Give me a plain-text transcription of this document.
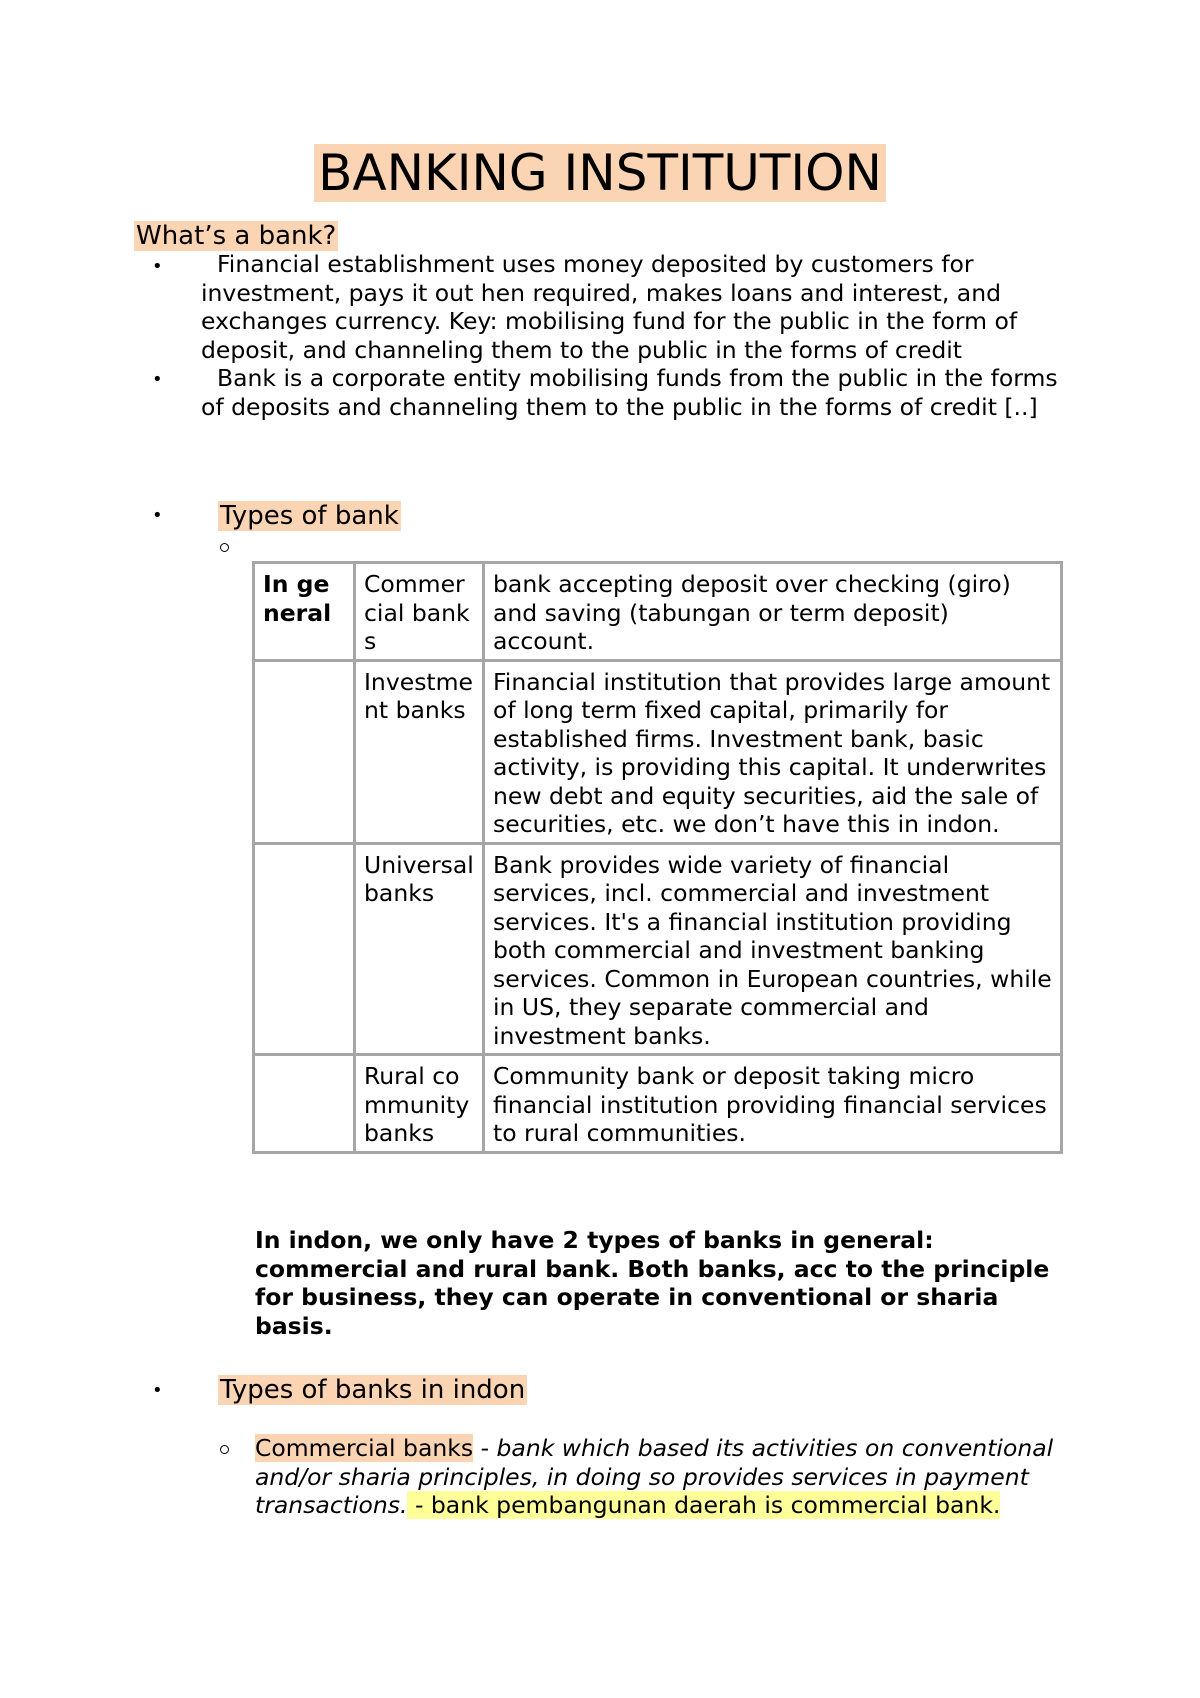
BANKING INSTITUTION
What’s a bank?
•	Financial establishment uses money deposited by customers for investment, pays it out hen required, makes loans and interest, and exchanges currency. Key: mobilising fund for the public in the form of deposit, and channeling them to the public in the forms of credit
•	Bank is a corporate entity mobilising funds from the public in the forms of deposits and channeling them to the public in the forms of credit [..]
• Types of bank
In general	Commercial banks	bank accepting deposit over checking (giro) and saving (tabungan or term deposit) account.
	Investment banks	Financial institution that provides large amount of long term fixed capital, primarily for established firms. Investment bank, basic activity, is providing this capital. It underwrites new debt and equity securities, aid the sale of securities, etc. we don’t have this in indon.
	Universal banks	Bank provides wide variety of financial services, incl. commercial and investment services. It's a financial institution providing both commercial and investment banking services. Common in European countries, while in US, they separate commercial and investment banks.
	Rural community banks	Community bank or deposit taking micro financial institution providing financial services to rural communities.
In indon, we only have 2 types of banks in general: commercial and rural bank. Both banks, acc to the principle for business, they can operate in conventional or sharia basis.
• Types of banks in indon
Commercial banks - bank which based its activities on conventional and/or sharia principles, in doing so provides services in payment transactions. - bank pembangunan daerah is commercial bank.
